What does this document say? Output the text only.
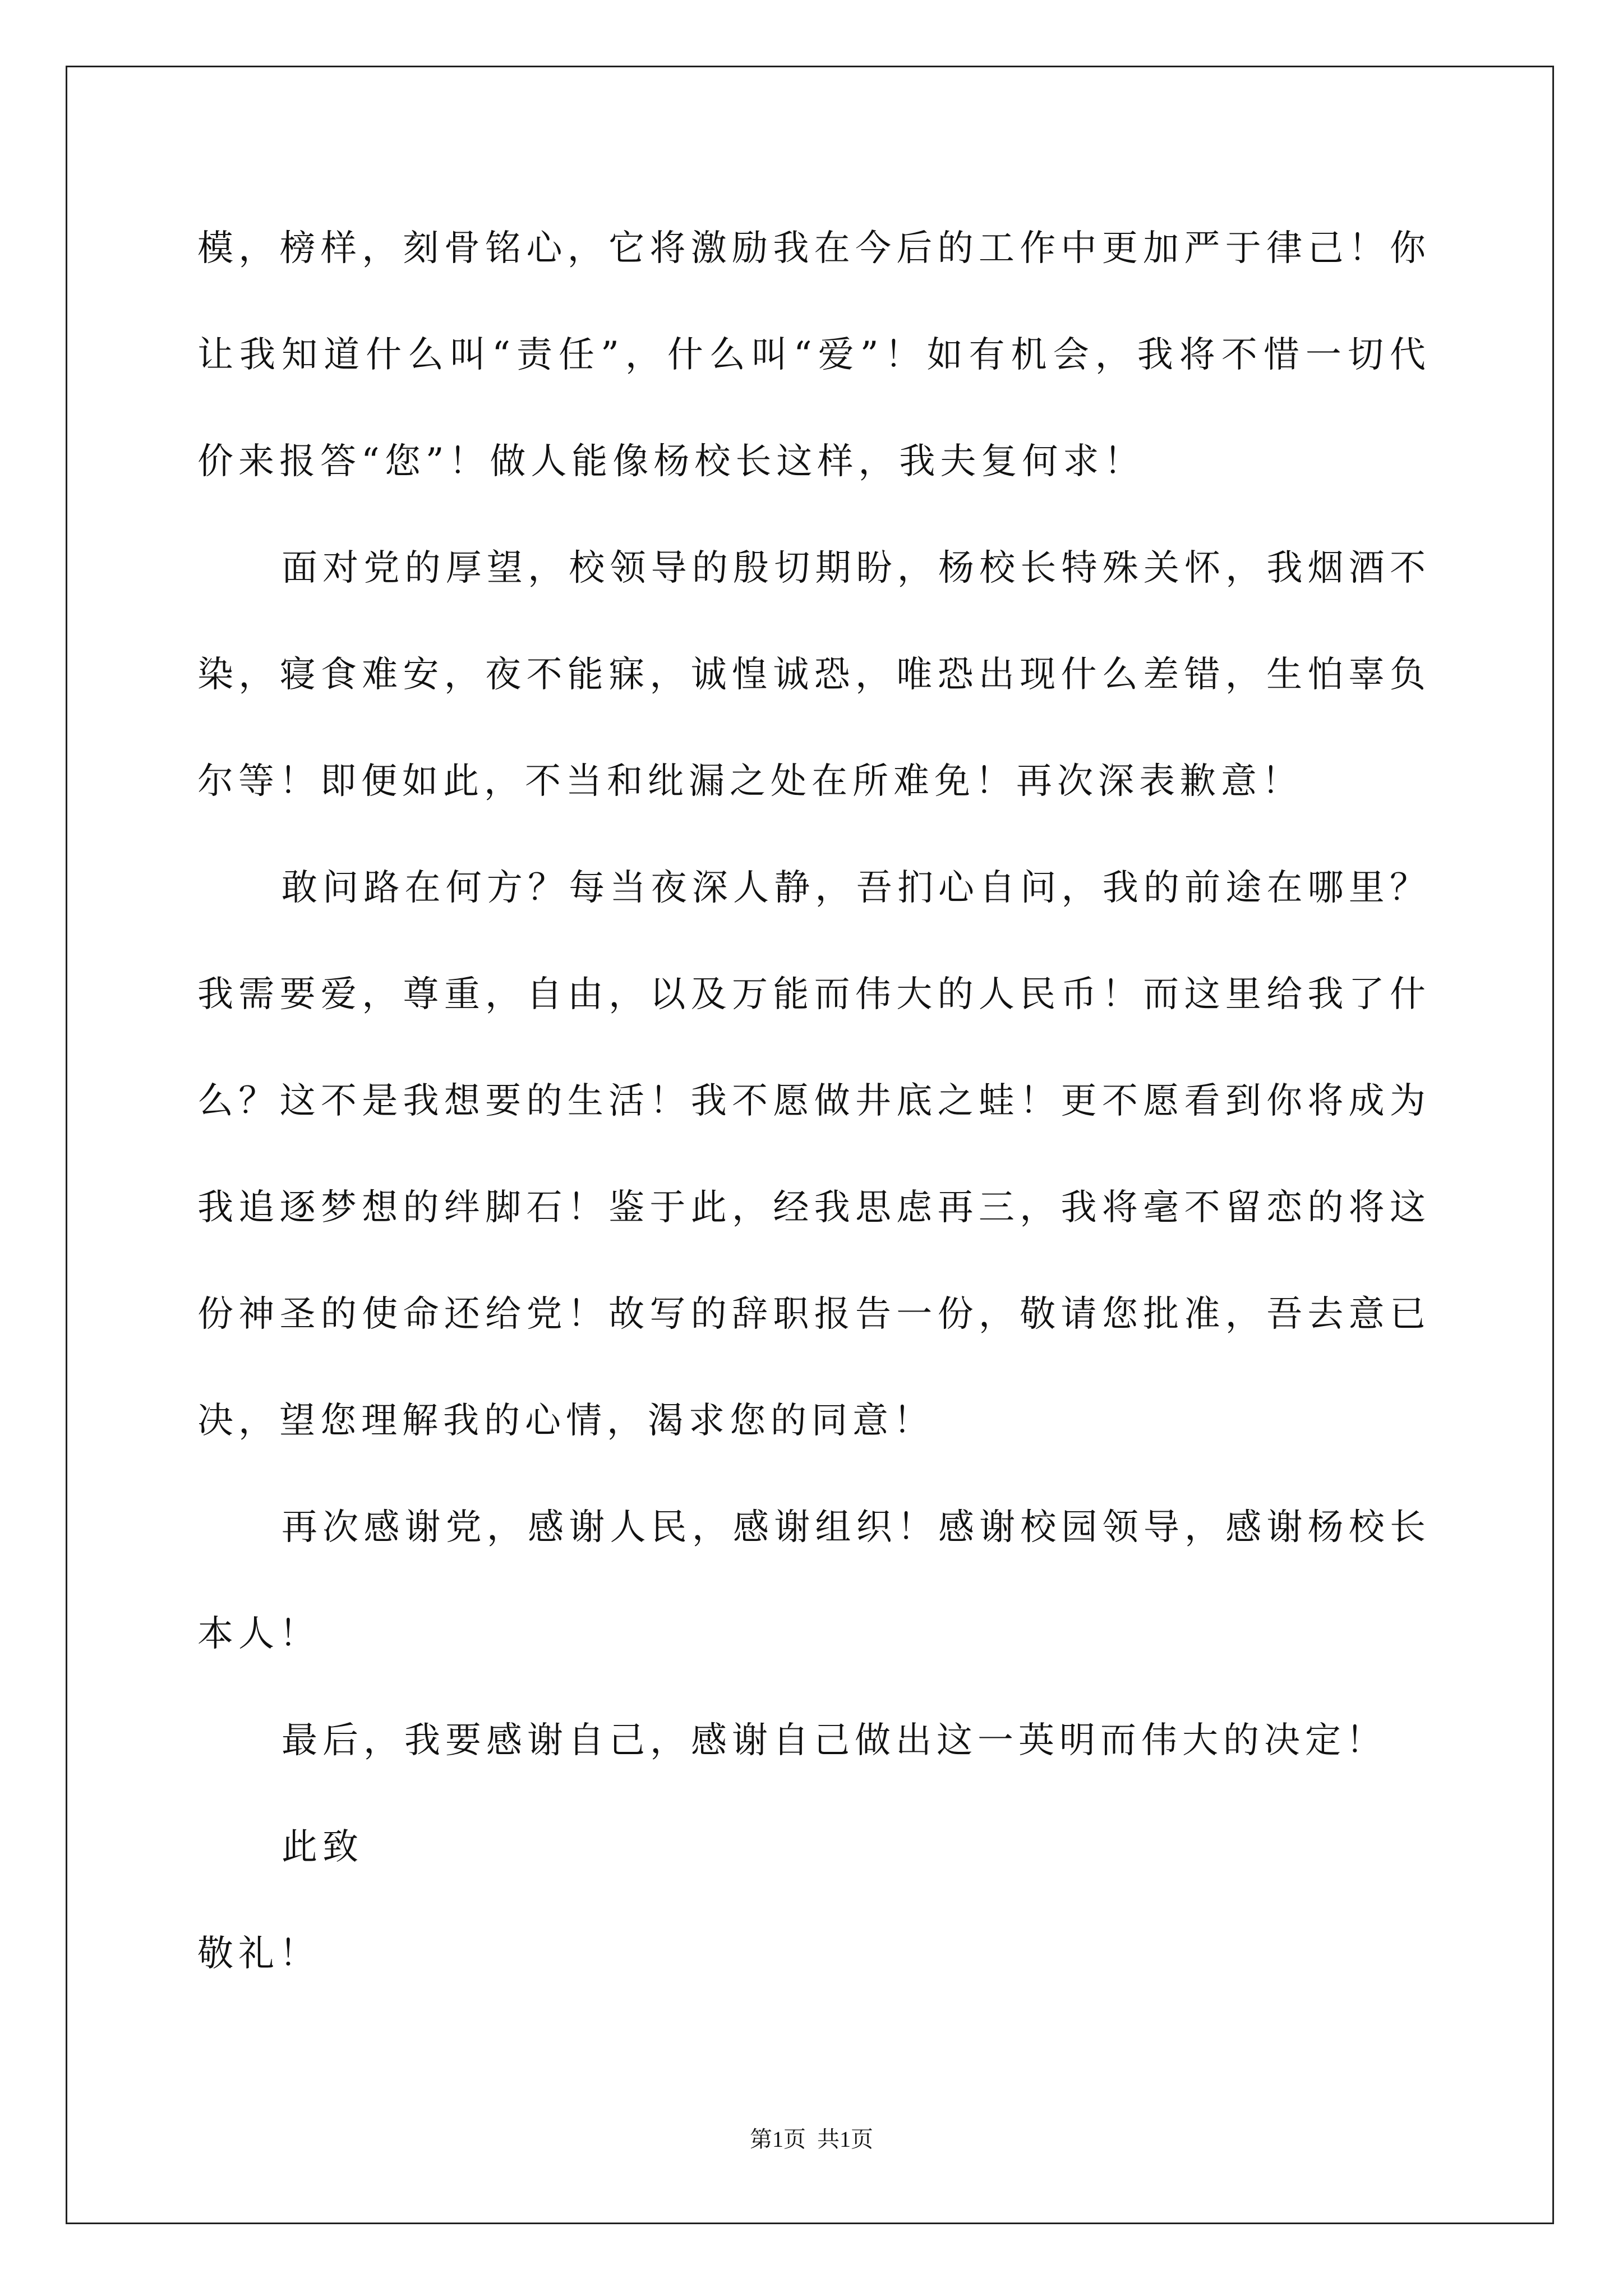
模，榜样，刻骨铭心，它将激励我在今后的工作中更加严于律己！你
让我知道什么叫“责任”，什么叫“爱”！如有机会，我将不惜一切代
价来报答“您”！做人能像杨校长这样，我夫复何求！
面对党的厚望，校领导的殷切期盼，杨校长特殊关怀，我烟酒不
染，寝食难安，夜不能寐，诚惶诚恐，唯恐出现什么差错，生怕辜负
尔等！即便如此，不当和纰漏之处在所难免！再次深表歉意！
敢问路在何方？每当夜深人静，吾扪心自问，我的前途在哪里？
我需要爱，尊重，自由，以及万能而伟大的人民币！而这里给我了什
么？这不是我想要的生活！我不愿做井底之蛙！更不愿看到你将成为
我追逐梦想的绊脚石！鉴于此，经我思虑再三，我将毫不留恋的将这
份神圣的使命还给党！故写的辞职报告一份，敬请您批准，吾去意已
决，望您理解我的心情，渴求您的同意！
再次感谢党，感谢人民，感谢组织！感谢校园领导，感谢杨校长
本人！
最后，我要感谢自己，感谢自己做出这一英明而伟大的决定！
此致
敬礼！
第1页  共1页
